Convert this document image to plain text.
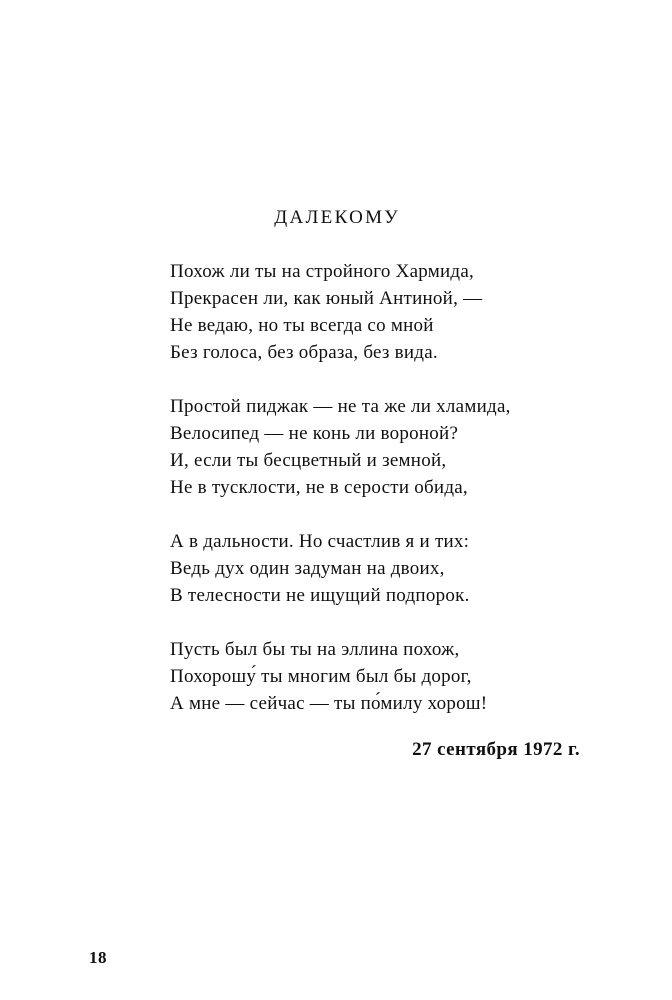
ДАЛЕКОМУ
Похож ли ты на стройного Хармида,
Прекрасен ли, как юный Антиной, —
Не ведаю, но ты всегда со мной
Без голоса, без образа, без вида.
Простой пиджак — не та же ли хламида,
Велосипед — не конь ли вороной?
И, если ты бесцветный и земной,
Не в тусклости, не в серости обида,
А в дальности. Но счастлив я и тих:
Ведь дух один задуман на двоих,
В телесности не ищущий подпорок.
Пусть был бы ты на эллина похож,
Похорошу́ ты многим был бы дорог,
А мне — сейчас — ты по́милу хорош!
27 сентября 1972 г.
18
